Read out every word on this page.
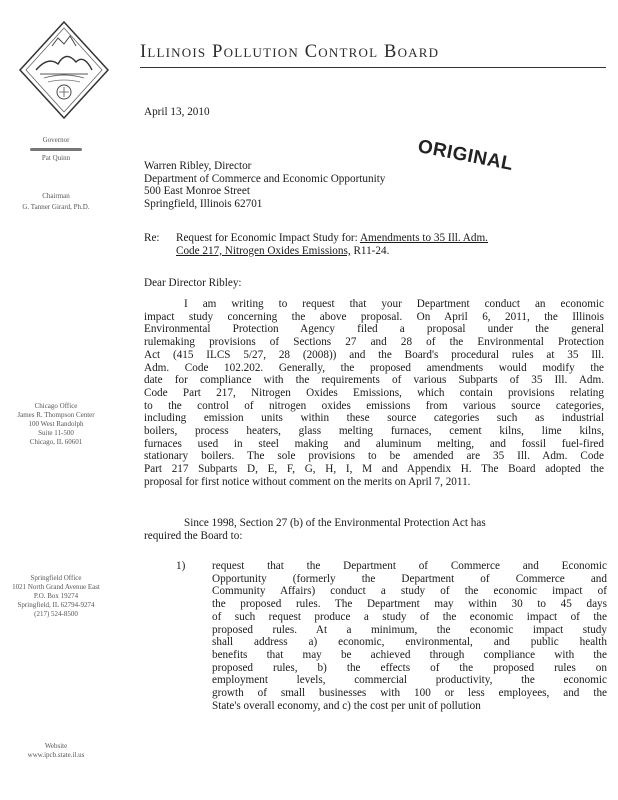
Illinois Pollution Control Board
Governor
Pat Quinn
Chairman
G. Tanner Girard, Ph.D.
Chicago Office
James R. Thompson Center
100 West Randolph
Suite 11-500
Chicago, IL 60601
Springfield Office
1021 North Grand Avenue East
P.O. Box 19274
Springfield, IL 62794-9274
(217) 524-8500
Website
www.ipcb.state.il.us
ORIGINAL
April 13, 2010
Warren Ribley, Director
Department of Commerce and Economic Opportunity
500 East Monroe Street
Springfield, Illinois 62701
Re:	Request for Economic Impact Study for: Amendments to 35 Ill. Adm.
Code 217, Nitrogen Oxides Emissions, R11-24.
Dear Director Ribley:
I am writing to request that your Department conduct an economic
impact study concerning the above proposal. On April 6, 2011, the Illinois
Environmental Protection Agency filed a proposal under the general
rulemaking provisions of Sections 27 and 28 of the Environmental Protection
Act (415 ILCS 5/27, 28 (2008)) and the Board's procedural rules at 35 Ill.
Adm. Code 102.202. Generally, the proposed amendments would modify the
date for compliance with the requirements of various Subparts of 35 Ill. Adm.
Code Part 217, Nitrogen Oxides Emissions, which contain provisions relating
to the control of nitrogen oxides emissions from various source categories,
including emission units within these source categories such as industrial
boilers, process heaters, glass melting furnaces, cement kilns, lime kilns,
furnaces used in steel making and aluminum melting, and fossil fuel-fired
stationary boilers. The sole provisions to be amended are 35 Ill. Adm. Code
Part 217 Subparts D, E, F, G, H, I, M and Appendix H. The Board adopted the
proposal for first notice without comment on the merits on April 7, 2011.
Since 1998, Section 27 (b) of the Environmental Protection Act has
required the Board to:
1)	request that the Department of Commerce and Economic
Opportunity (formerly the Department of Commerce and
Community Affairs) conduct a study of the economic impact of
the proposed rules. The Department may within 30 to 45 days
of such request produce a study of the economic impact of the
proposed rules. At a minimum, the economic impact study
shall address a) economic, environmental, and public health
benefits that may be achieved through compliance with the
proposed rules, b) the effects of the proposed rules on
employment levels, commercial productivity, the economic
growth of small businesses with 100 or less employees, and the
State's overall economy, and c) the cost per unit of pollution
